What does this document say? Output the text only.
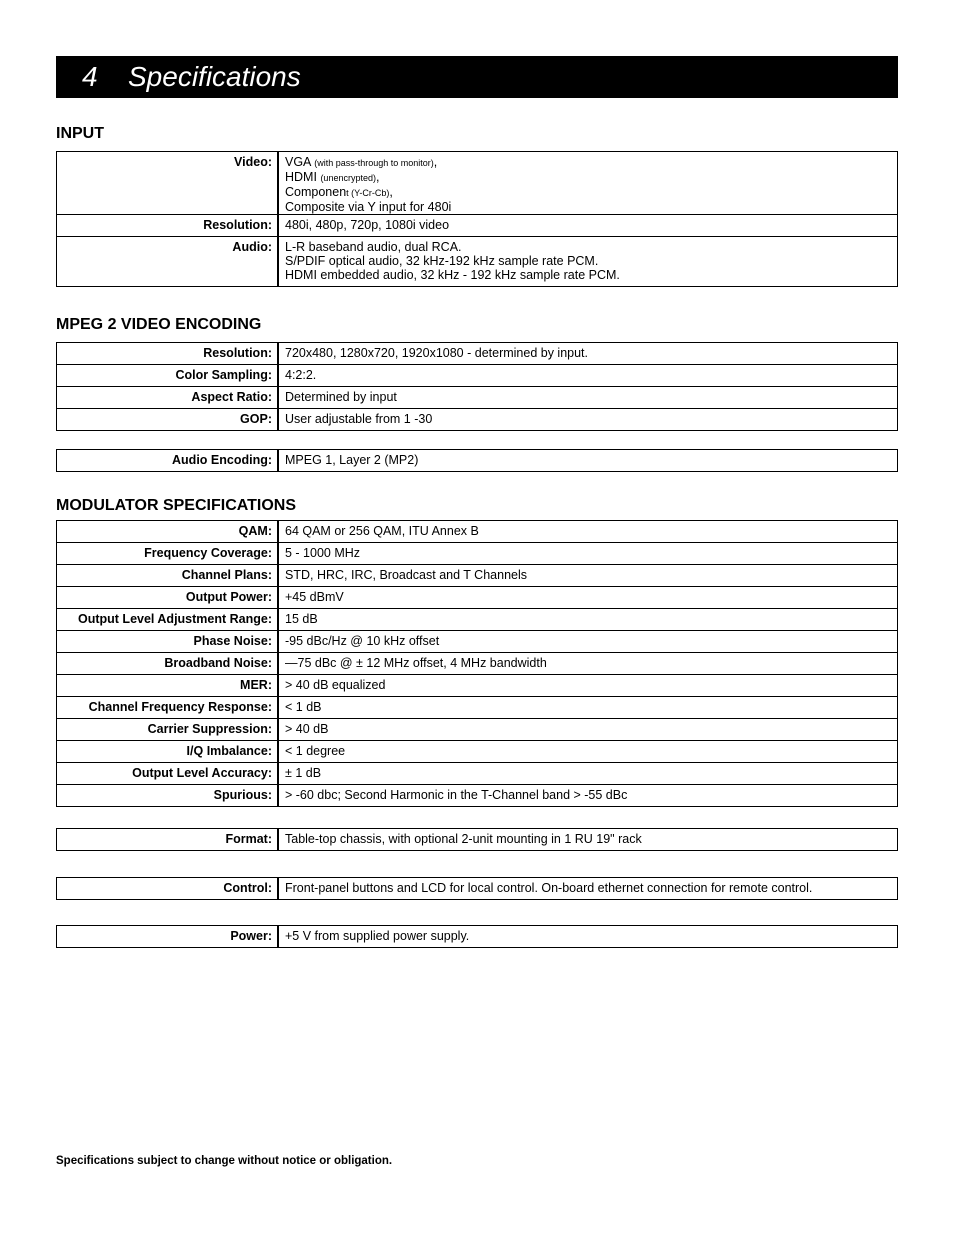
4 Specifications
INPUT
Video:	VGA (with pass-through to monitor),
HDMI (unencrypted),
Component (Y-Cr-Cb),
Composite via Y input for 480i

Resolution:	480i, 480p, 720p, 1080i video
Audio:	L-R baseband audio, dual RCA.
S/PDIF optical audio, 32 kHz-192 kHz sample rate PCM.
HDMI embedded audio, 32 kHz - 192 kHz sample rate PCM.
MPEG 2 VIDEO ENCODING
Resolution:	720x480, 1280x720, 1920x1080 - determined by input.
Color Sampling:	4:2:2.
Aspect Ratio:	Determined by input
GOP:	User adjustable from 1 -30
Audio Encoding:	MPEG 1, Layer 2 (MP2)
MODULATOR SPECIFICATIONS
QAM:	64 QAM or 256 QAM, ITU Annex B
Frequency Coverage:	5 - 1000 MHz
Channel Plans:	STD, HRC, IRC, Broadcast and T Channels
Output Power:	+45 dBmV
Output Level Adjustment Range:	15 dB
Phase Noise:	-95 dBc/Hz @ 10 kHz offset
Broadband Noise:	—75 dBc @ ± 12 MHz offset, 4 MHz bandwidth
MER:	> 40 dB equalized
Channel Frequency Response:	< 1 dB
Carrier Suppression:	> 40 dB
I/Q Imbalance:	< 1 degree
Output Level Accuracy:	± 1 dB
Spurious:	> -60 dbc; Second Harmonic in the T-Channel band > -55 dBc
Format:	Table-top chassis, with optional 2-unit mounting in 1 RU 19" rack
Control:	Front-panel buttons and LCD for local control. On-board ethernet connection for remote control.
Power:	+5 V from supplied power supply.
Specifications subject to change without notice or obligation.
